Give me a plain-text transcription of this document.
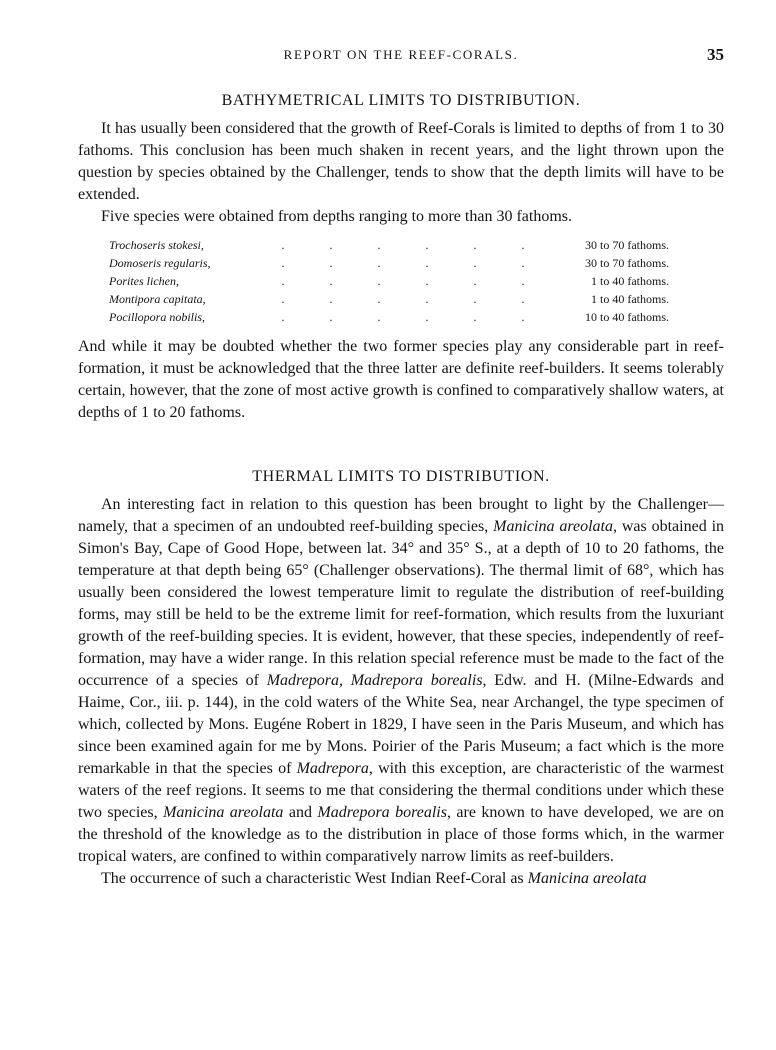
REPORT ON THE REEF-CORALS.	35
BATHYMETRICAL LIMITS TO DISTRIBUTION.

It has usually been considered that the growth of Reef-Corals is limited to depths of from 1 to 30 fathoms. This conclusion has been much shaken in recent years, and the light thrown upon the question by species obtained by the Challenger, tends to show that the depth limits will have to be extended.

Five species were obtained from depths ranging to more than 30 fathoms.

Trochoseris stokesi,	. . . . . .	30 to 70 fathoms.
Domoseris regularis,	. . . . . .	30 to 70 fathoms.
Porites lichen,	. . . . . .	1 to 40 fathoms.
Montipora capitata,	. . . . . .	1 to 40 fathoms.
Pocillopora nobilis,	. . . . . .	10 to 40 fathoms.

And while it may be doubted whether the two former species play any considerable part in reef-formation, it must be acknowledged that the three latter are definite reef-builders. It seems tolerably certain, however, that the zone of most active growth is confined to comparatively shallow waters, at depths of 1 to 20 fathoms.

THERMAL LIMITS TO DISTRIBUTION.

An interesting fact in relation to this question has been brought to light by the Challenger—namely, that a specimen of an undoubted reef-building species, Manicina areolata, was obtained in Simon's Bay, Cape of Good Hope, between lat. 34° and 35° S., at a depth of 10 to 20 fathoms, the temperature at that depth being 65° (Challenger observations). The thermal limit of 68°, which has usually been considered the lowest temperature limit to regulate the distribution of reef-building forms, may still be held to be the extreme limit for reef-formation, which results from the luxuriant growth of the reef-building species. It is evident, however, that these species, independently of reef-formation, may have a wider range. In this relation special reference must be made to the fact of the occurrence of a species of Madrepora, Madrepora borealis, Edw. and H. (Milne-Edwards and Haime, Cor., iii. p. 144), in the cold waters of the White Sea, near Archangel, the type specimen of which, collected by Mons. Eugéne Robert in 1829, I have seen in the Paris Museum, and which has since been examined again for me by Mons. Poirier of the Paris Museum; a fact which is the more remarkable in that the species of Madrepora, with this exception, are characteristic of the warmest waters of the reef regions. It seems to me that considering the thermal conditions under which these two species, Manicina areolata and Madrepora borealis, are known to have developed, we are on the threshold of the knowledge as to the distribution in place of those forms which, in the warmer tropical waters, are confined to within comparatively narrow limits as reef-builders.

The occurrence of such a characteristic West Indian Reef-Coral as Manicina areolata
